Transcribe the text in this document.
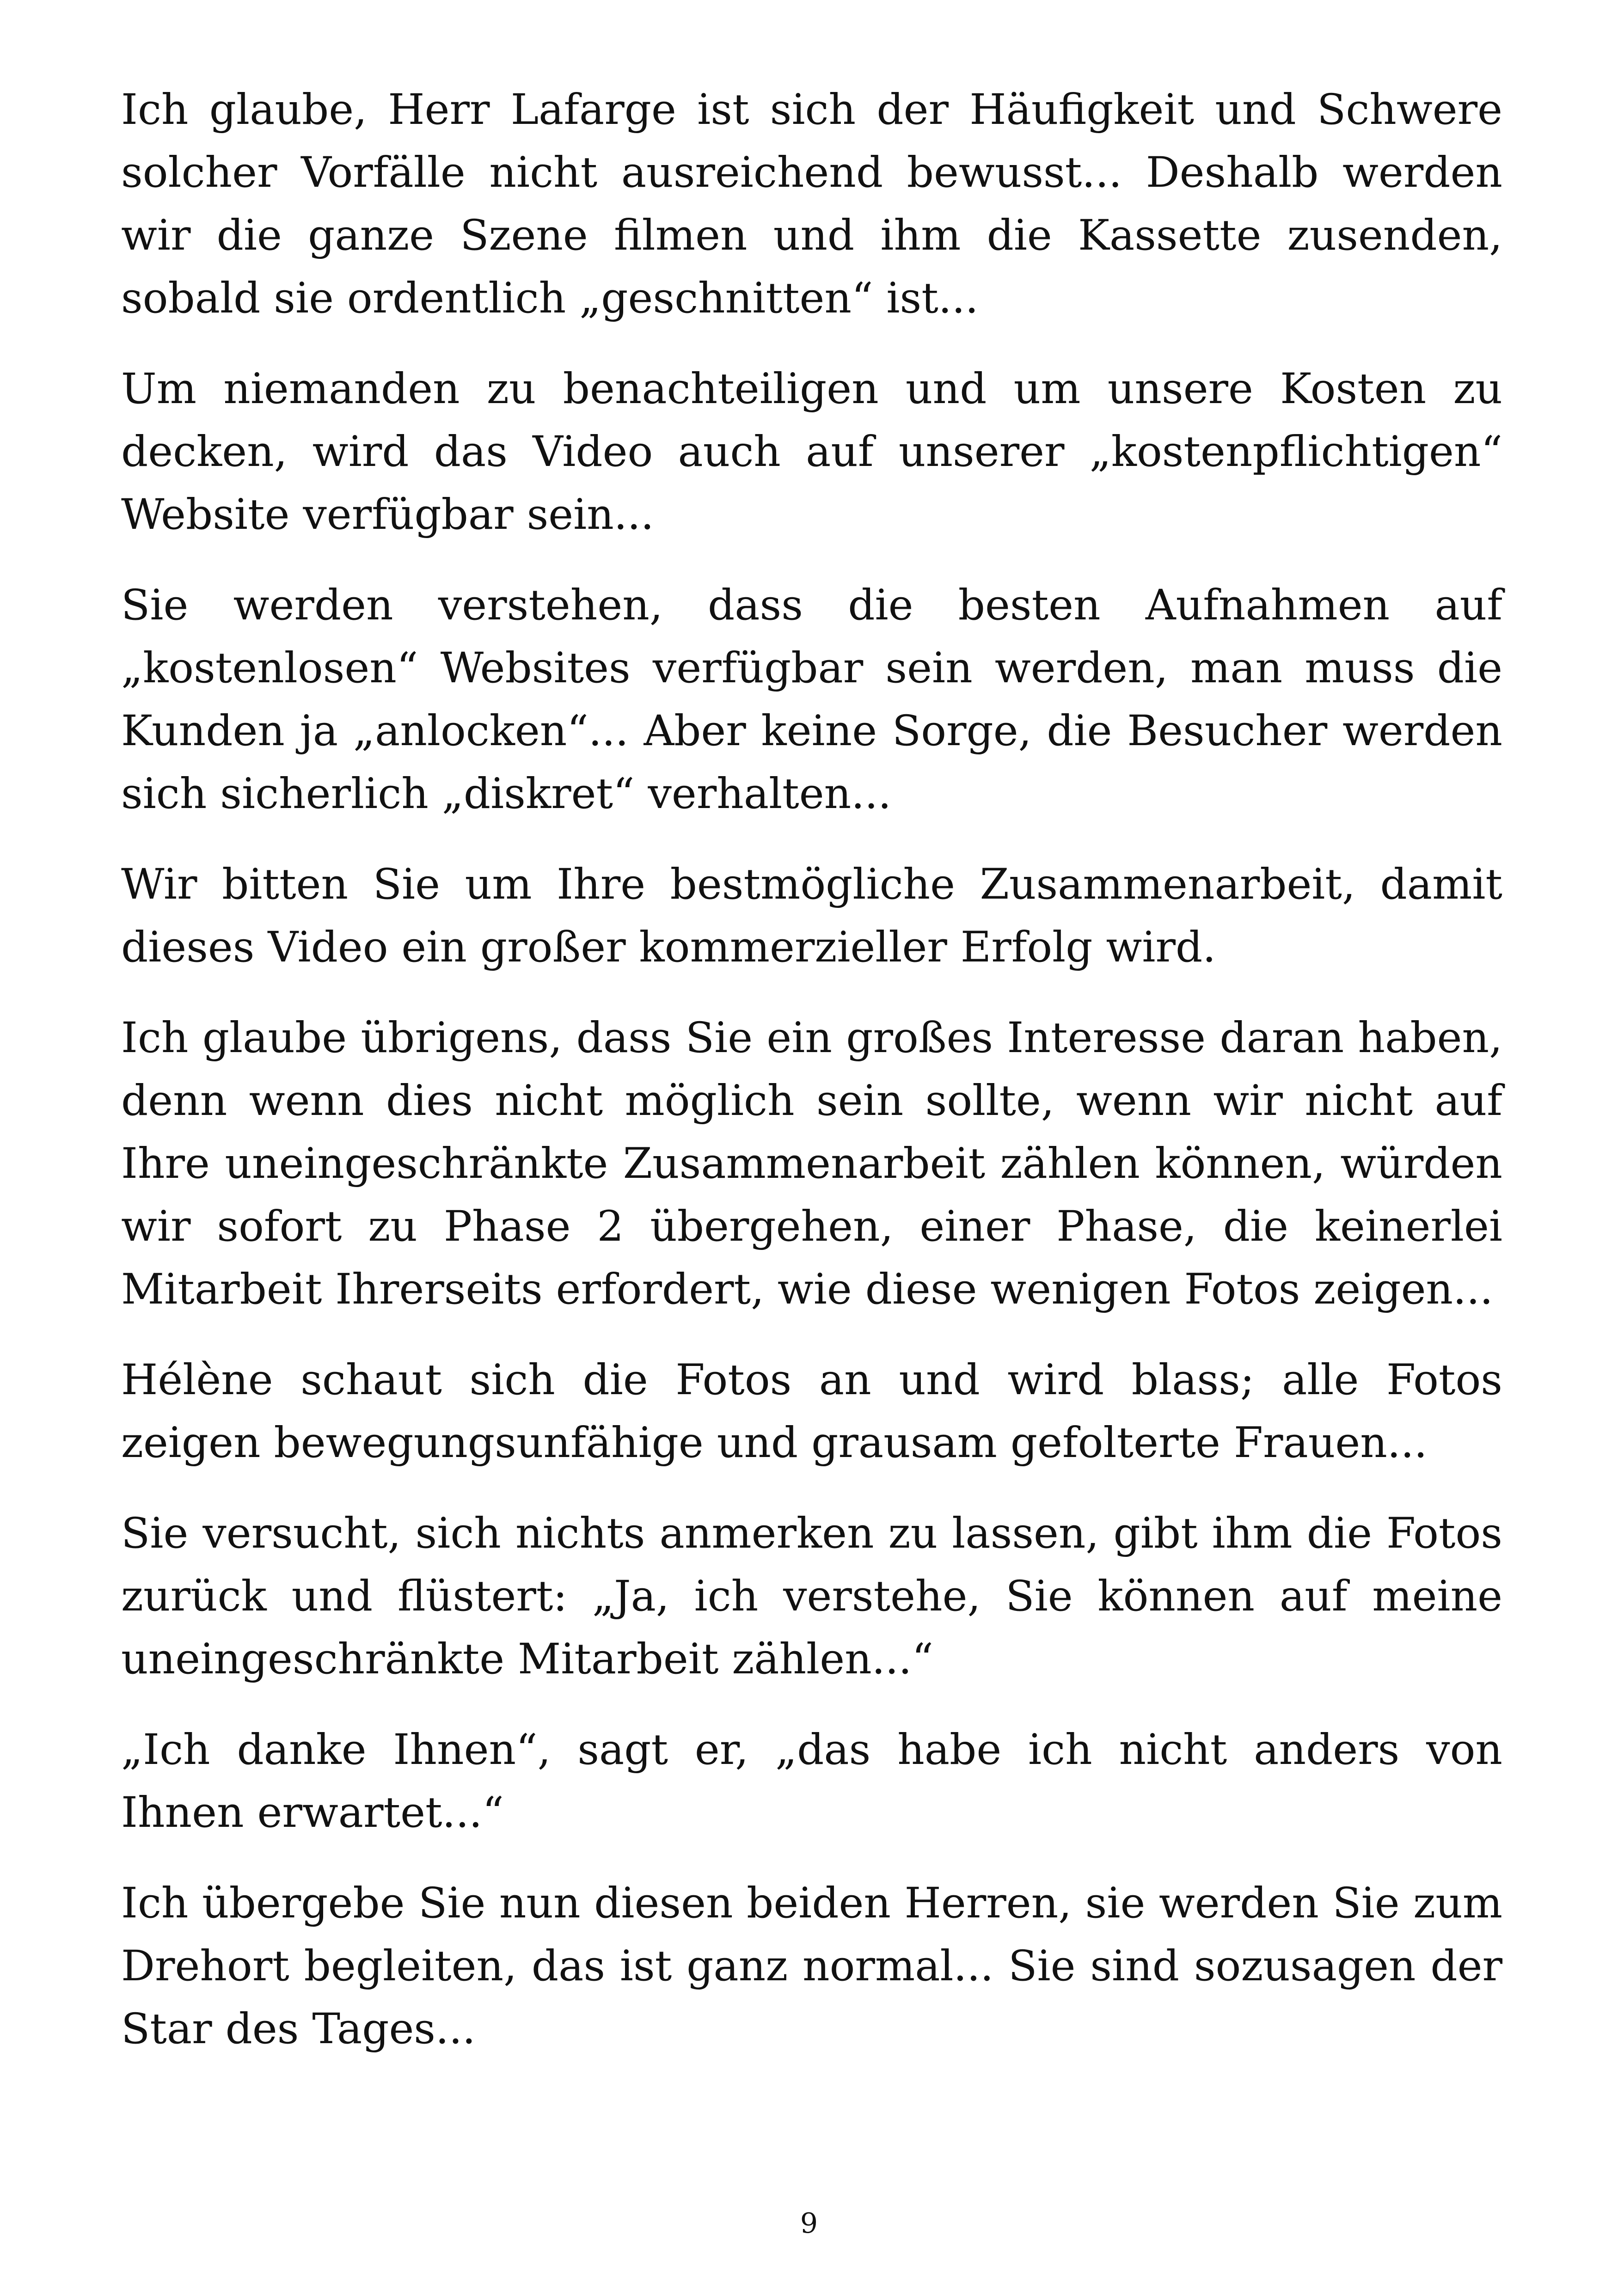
Ich glaube, Herr Lafarge ist sich der Häufigkeit und Schwere solcher Vorfälle nicht ausreichend bewusst... Deshalb werden wir die ganze Szene filmen und ihm die Kassette zusenden, sobald sie ordentlich „geschnitten“ ist...

Um niemanden zu benachteiligen und um unsere Kosten zu decken, wird das Video auch auf unserer „kostenpflichtigen“ Website verfügbar sein...

Sie werden verstehen, dass die besten Aufnahmen auf „kostenlosen“ Websites verfügbar sein werden, man muss die Kunden ja „anlocken“... Aber keine Sorge, die Besucher werden sich sicherlich „diskret“ verhalten...

Wir bitten Sie um Ihre bestmögliche Zusammenarbeit, damit dieses Video ein großer kommerzieller Erfolg wird.

Ich glaube übrigens, dass Sie ein großes Interesse daran haben, denn wenn dies nicht möglich sein sollte, wenn wir nicht auf Ihre uneingeschränkte Zusammenarbeit zählen können, würden wir sofort zu Phase 2 übergehen, einer Phase, die keinerlei Mitarbeit Ihrerseits erfordert, wie diese wenigen Fotos zeigen...

Hélène schaut sich die Fotos an und wird blass; alle Fotos zeigen bewegungsunfähige und grausam gefolterte Frauen...

Sie versucht, sich nichts anmerken zu lassen, gibt ihm die Fotos zurück und flüstert: „Ja, ich verstehe, Sie können auf meine uneingeschränkte Mitarbeit zählen...“

„Ich danke Ihnen“, sagt er, „das habe ich nicht anders von Ihnen erwartet...“

Ich übergebe Sie nun diesen beiden Herren, sie werden Sie zum Drehort begleiten, das ist ganz normal... Sie sind sozusagen der Star des Tages...

9
